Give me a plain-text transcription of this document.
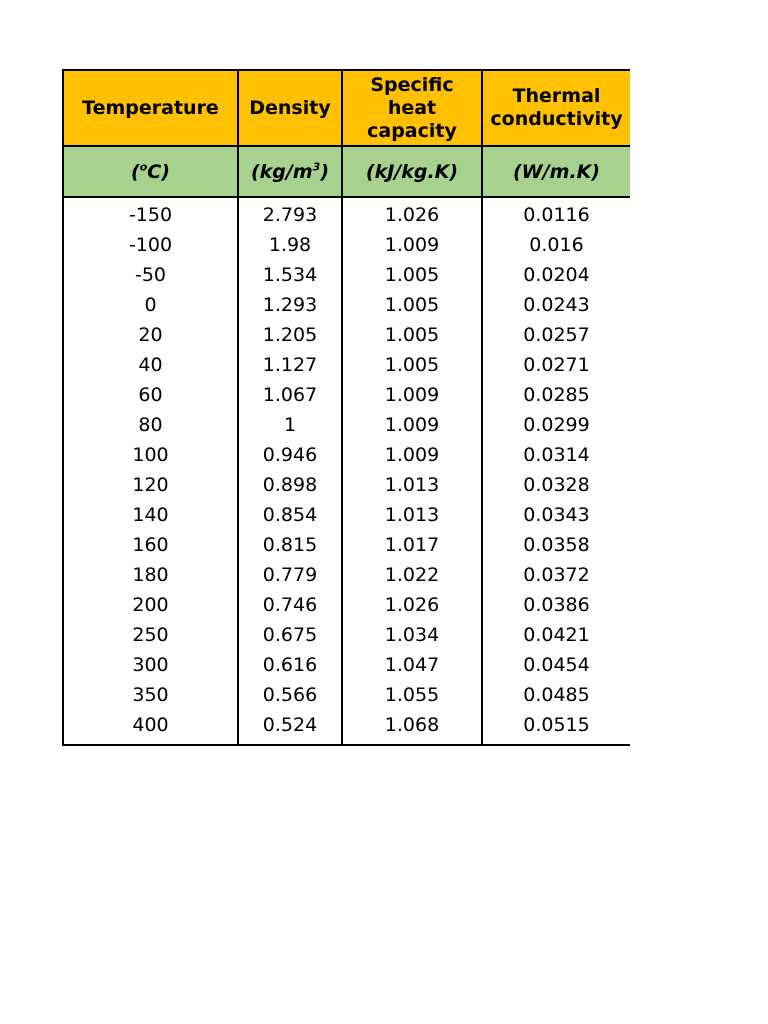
Temperature	Density	Specific heat capacity	Thermal conductivity
($^o$C)	$(kg/m^3)$	(kJ/kg.K)	(W/m.K)
-150	2.793	1.026	0.0116
-100	1.98	1.009	0.016
-50	1.534	1.005	0.0204
0	1.293	1.005	0.0243
20	1.205	1.005	0.0257
40	1.127	1.005	0.0271
60	1.067	1.009	0.0285
80	1	1.009	0.0299
100	0.946	1.009	0.0314
120	0.898	1.013	0.0328
140	0.854	1.013	0.0343
160	0.815	1.017	0.0358
180	0.779	1.022	0.0372
200	0.746	1.026	0.0386
250	0.675	1.034	0.0421
300	0.616	1.047	0.0454
350	0.566	1.055	0.0485
400	0.524	1.068	0.0515
